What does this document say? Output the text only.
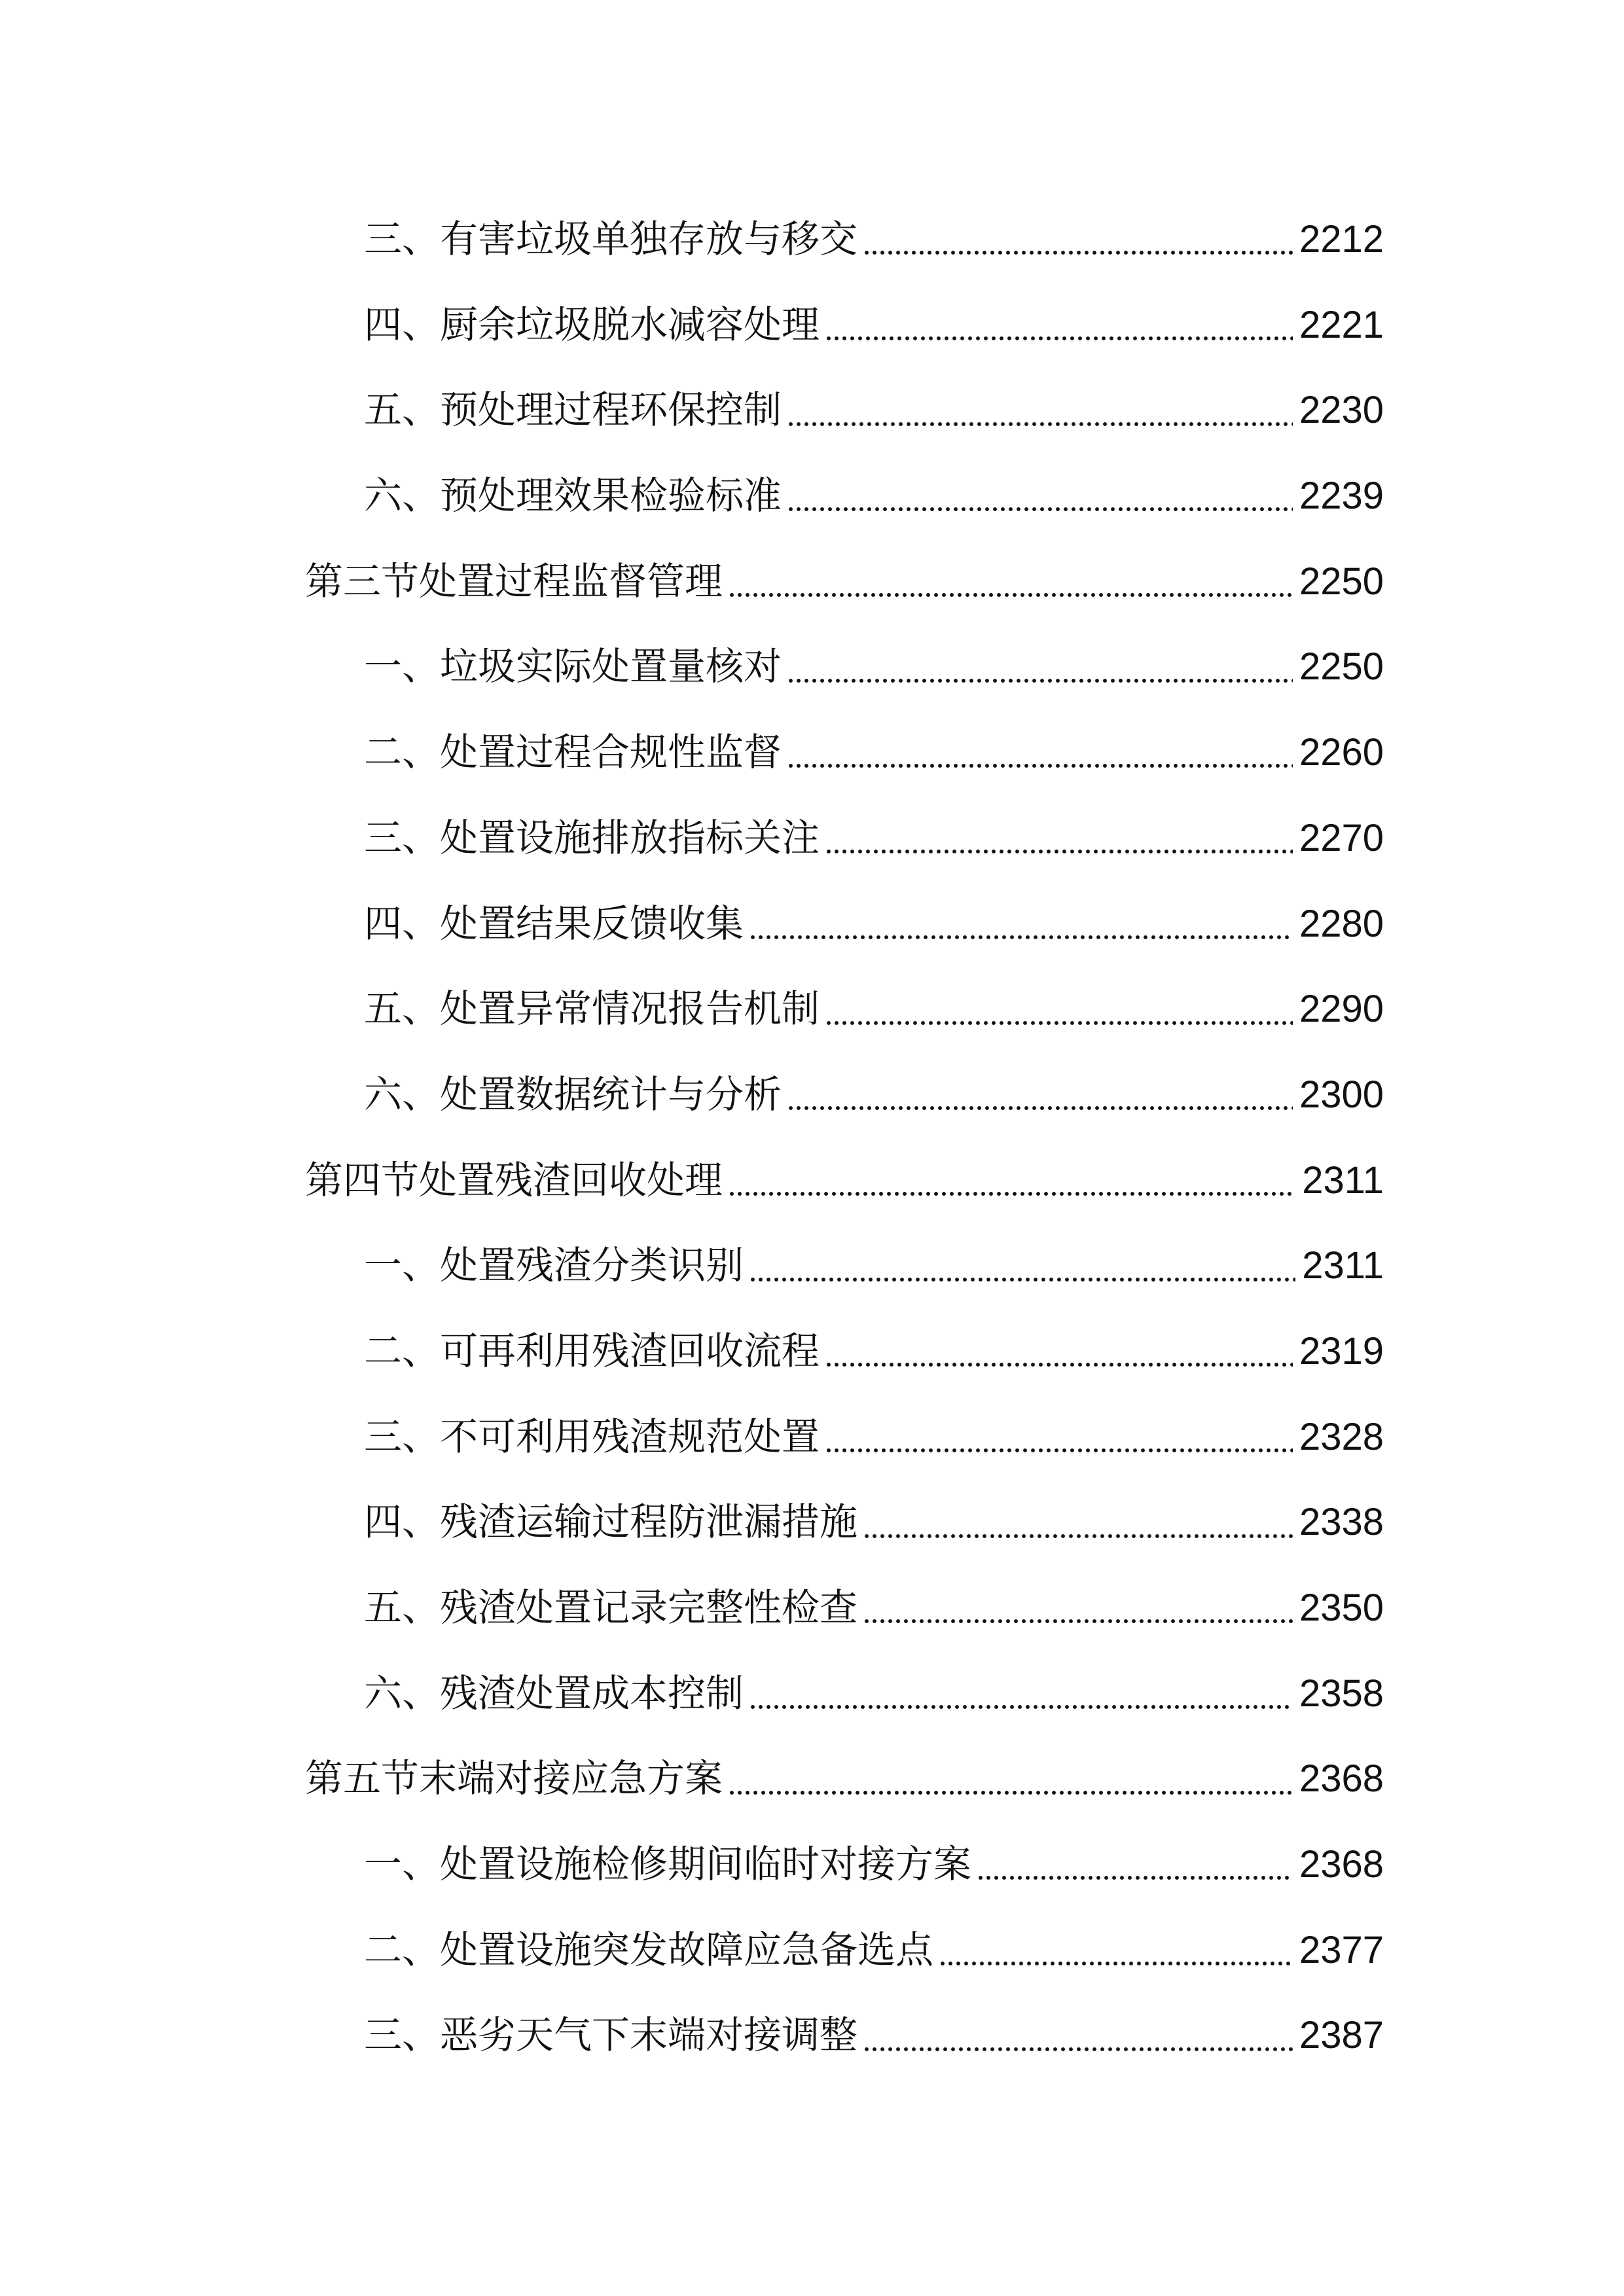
三、有害垃圾单独存放与移交	2212
四、厨余垃圾脱水减容处理	2221
五、预处理过程环保控制	2230
六、预处理效果检验标准	2239
第三节处置过程监督管理	2250
一、垃圾实际处置量核对	2250
二、处置过程合规性监督	2260
三、处置设施排放指标关注	2270
四、处置结果反馈收集	2280
五、处置异常情况报告机制	2290
六、处置数据统计与分析	2300
第四节处置残渣回收处理	2311
一、处置残渣分类识别	2311
二、可再利用残渣回收流程	2319
三、不可利用残渣规范处置	2328
四、残渣运输过程防泄漏措施	2338
五、残渣处置记录完整性检查	2350
六、残渣处置成本控制	2358
第五节末端对接应急方案	2368
一、处置设施检修期间临时对接方案	2368
二、处置设施突发故障应急备选点	2377
三、恶劣天气下末端对接调整	2387
